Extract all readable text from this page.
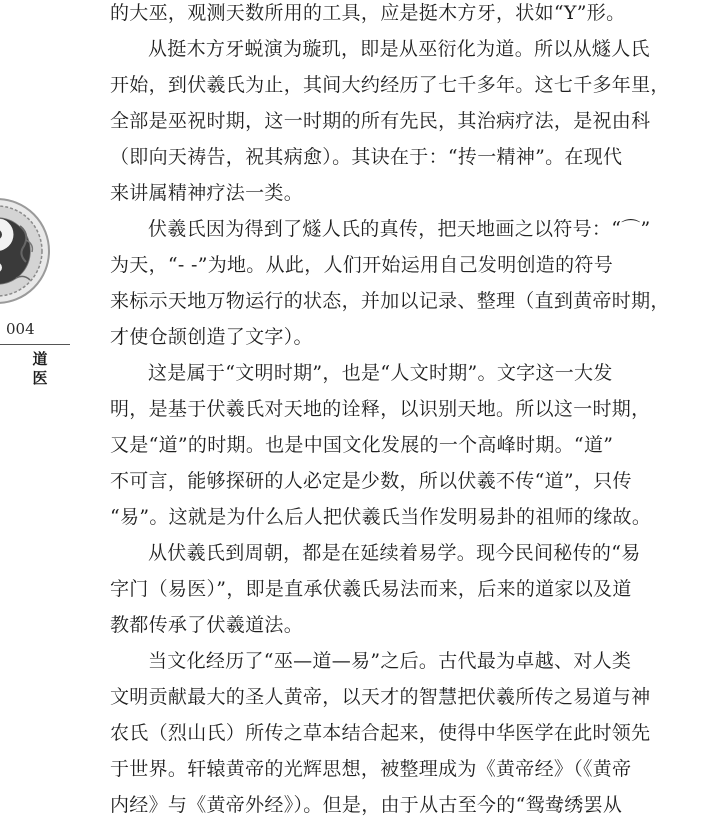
004
道
医
的大巫，观测天数所用的工具，应是挺木方牙，状如“Y”形。
从挺木方牙蜕演为璇玑，即是从巫衍化为道。所以从燧人氏
开始，到伏羲氏为止，其间大约经历了七千多年。这七千多年里，
全部是巫祝时期，这一时期的所有先民，其治病疗法，是祝由科
（即向天祷告，祝其病愈）。其诀在于：“抟一精神”。在现代
来讲属精神疗法一类。
伏羲氏因为得到了燧人氏的真传，把天地画之以符号：“⌒”
为天，“- -”为地。从此，人们开始运用自己发明创造的符号
来标示天地万物运行的状态，并加以记录、整理（直到黄帝时期，
才使仓颉创造了文字）。
这是属于“文明时期”，也是“人文时期”。文字这一大发
明，是基于伏羲氏对天地的诠释，以识别天地。所以这一时期，
又是“道”的时期。也是中国文化发展的一个高峰时期。“道”
不可言，能够探研的人必定是少数，所以伏羲不传“道”，只传
“易”。这就是为什么后人把伏羲氏当作发明易卦的祖师的缘故。
从伏羲氏到周朝，都是在延续着易学。现今民间秘传的“易
字门（易医）”，即是直承伏羲氏易法而来，后来的道家以及道
教都传承了伏羲道法。
当文化经历了“巫—道—易”之后。古代最为卓越、对人类
文明贡献最大的圣人黄帝，以天才的智慧把伏羲所传之易道与神
农氏（烈山氏）所传之草本结合起来，使得中华医学在此时领先
于世界。轩辕黄帝的光辉思想，被整理成为《黄帝经》（《黄帝
内经》与《黄帝外经》）。但是，由于从古至今的“鸳鸯绣罢从
